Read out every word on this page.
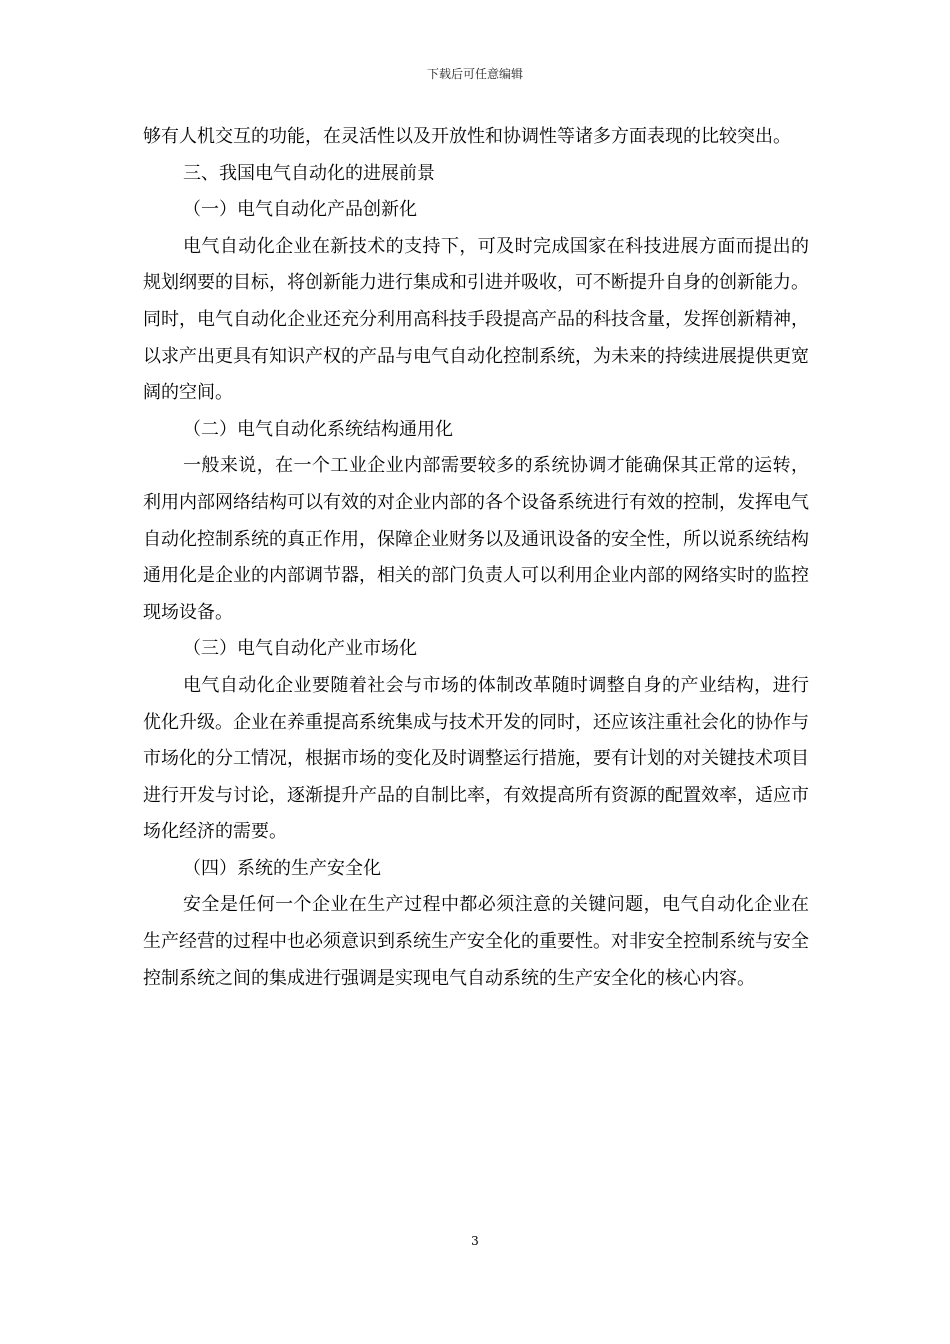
下载后可任意编辑

够有人机交互的功能，在灵活性以及开放性和协调性等诸多方面表现的比较突出。

三、我国电气自动化的进展前景

（一）电气自动化产品创新化

电气自动化企业在新技术的支持下，可及时完成国家在科技进展方面而提出的规划纲要的目标，将创新能力进行集成和引进并吸收，可不断提升自身的创新能力。同时，电气自动化企业还充分利用高科技手段提高产品的科技含量，发挥创新精神，以求产出更具有知识产权的产品与电气自动化控制系统，为未来的持续进展提供更宽阔的空间。

（二）电气自动化系统结构通用化

一般来说，在一个工业企业内部需要较多的系统协调才能确保其正常的运转，利用内部网络结构可以有效的对企业内部的各个设备系统进行有效的控制，发挥电气自动化控制系统的真正作用，保障企业财务以及通讯设备的安全性，所以说系统结构通用化是企业的内部调节器，相关的部门负责人可以利用企业内部的网络实时的监控现场设备。

（三）电气自动化产业市场化

电气自动化企业要随着社会与市场的体制改革随时调整自身的产业结构，进行优化升级。企业在养重提高系统集成与技术开发的同时，还应该注重社会化的协作与市场化的分工情况，根据市场的变化及时调整运行措施，要有计划的对关键技术项目进行开发与讨论，逐渐提升产品的自制比率，有效提高所有资源的配置效率，适应市场化经济的需要。

（四）系统的生产安全化

安全是任何一个企业在生产过程中都必须注意的关键问题，电气自动化企业在生产经营的过程中也必须意识到系统生产安全化的重要性。对非安全控制系统与安全控制系统之间的集成进行强调是实现电气自动系统的生产安全化的核心内容。

3
